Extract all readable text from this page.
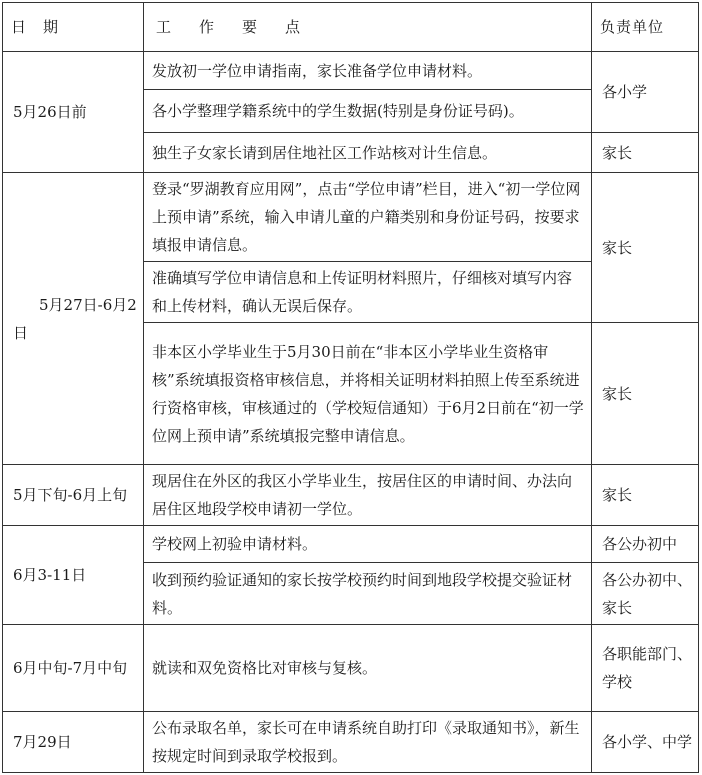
日期	工作要点	负责单位
5月26日前	发放初一学位申请指南，家长准备学位申请材料。	各小学
	各小学整理学籍系统中的学生数据(特别是身份证号码)。	
	独生子女家长请到居住地社区工作站核对计生信息。	家长
5月27日-6月2日	登录“罗湖教育应用网”，点击“学位申请”栏目，进入“初一学位网上预申请”系统，输入申请儿童的户籍类别和身份证号码，按要求填报申请信息。	家长
	准确填写学位申请信息和上传证明材料照片，仔细核对填写内容和上传材料，确认无误后保存。	
	非本区小学毕业生于5月30日前在“非本区小学毕业生资格审核”系统填报资格审核信息，并将相关证明材料拍照上传至系统进行资格审核，审核通过的（学校短信通知）于6月2日前在“初一学位网上预申请”系统填报完整申请信息。	家长
5月下旬-6月上旬	现居住在外区的我区小学毕业生，按居住区的申请时间、办法向居住区地段学校申请初一学位。	家长
6月3-11日	学校网上初验申请材料。	各公办初中
	收到预约验证通知的家长按学校预约时间到地段学校提交验证材料。	各公办初中、家长
6月中旬-7月中旬	就读和双免资格比对审核与复核。	各职能部门、学校
7月29日	公布录取名单，家长可在申请系统自助打印《录取通知书》，新生按规定时间到录取学校报到。	各小学、中学
